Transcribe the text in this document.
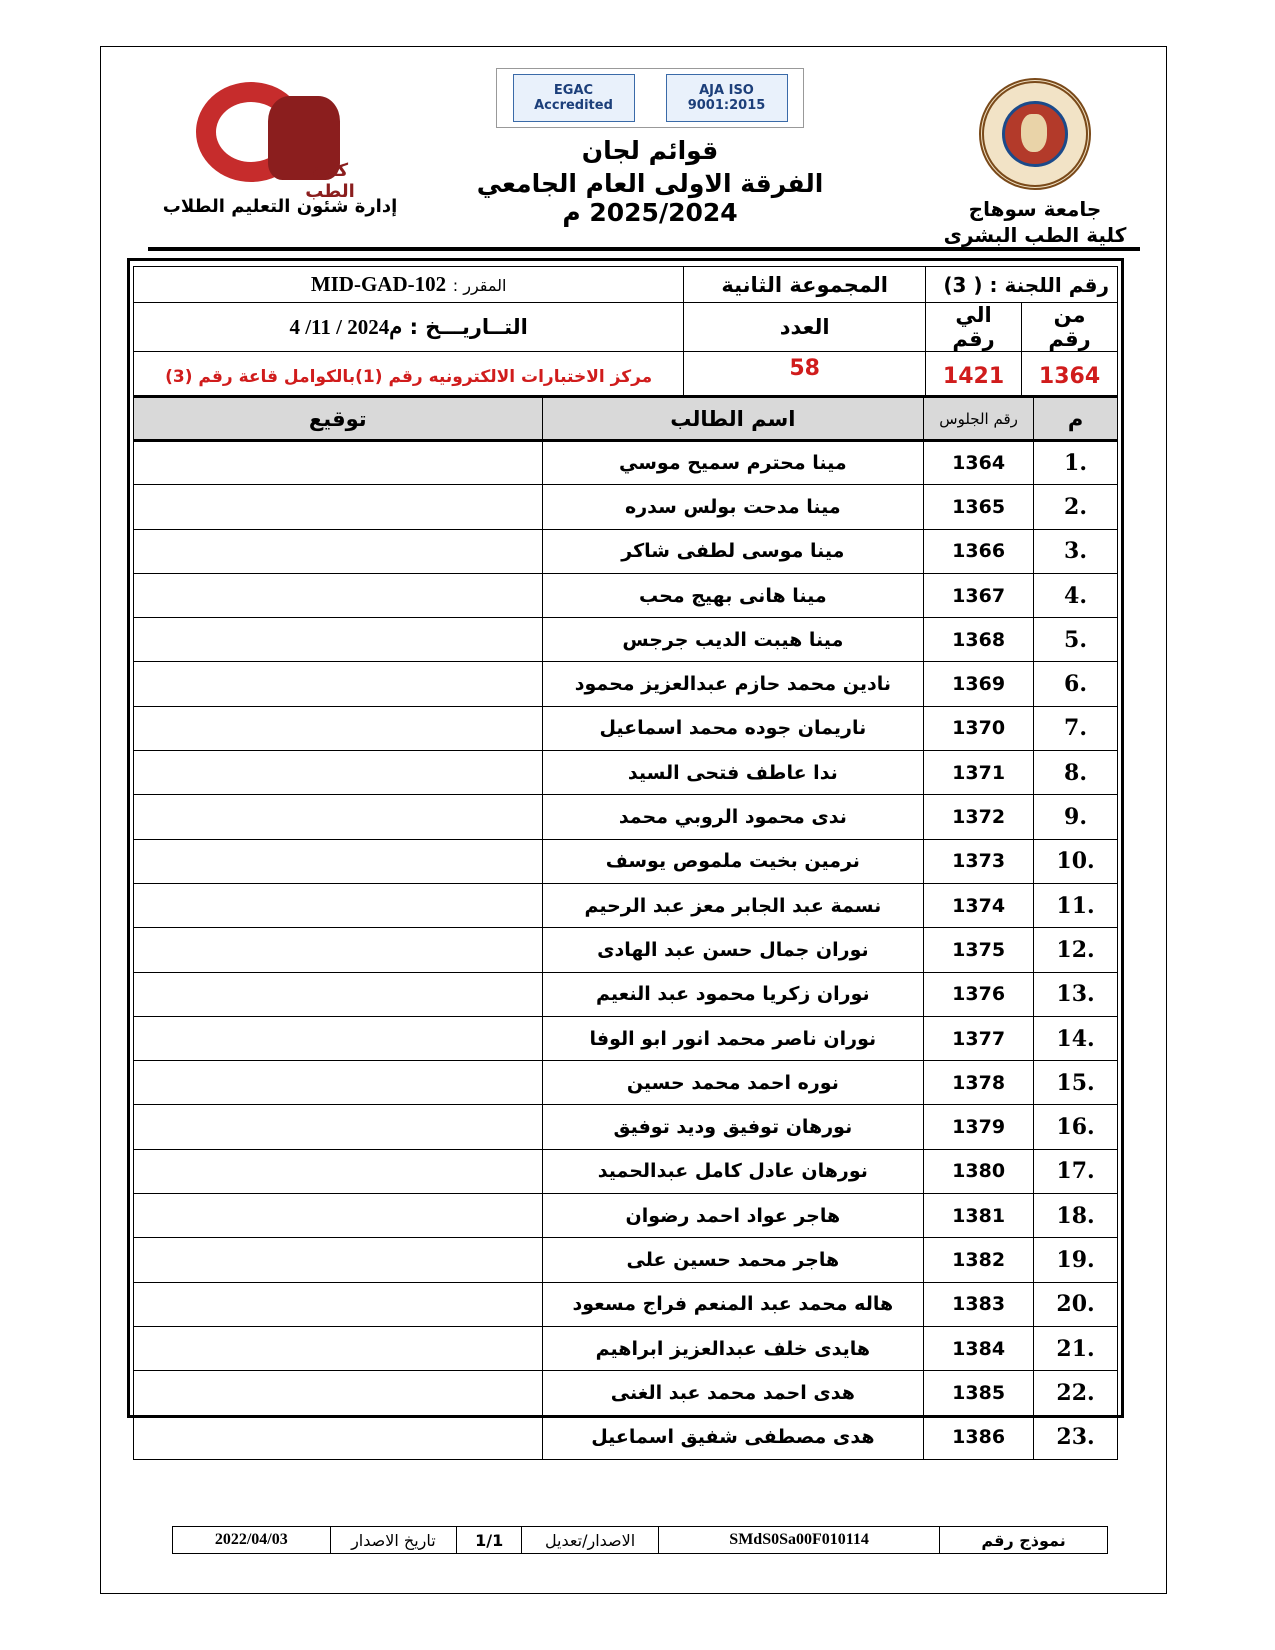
جامعة سوهاج
كلية الطب البشرى
EGAC Accredited
AJA ISO 9001:2015
قوائم لجان
الفرقة الاولى العام الجامعي 2025/2024 م
كلية الطب
إدارة شئون التعليم الطلاب
رقم اللجنة : ( 3)		المجموعة الثانية	المقرر : MID-GAD-102
من رقم	الي رقم	العدد	التــاريـــخ : 4 /11 / 2024م
1364	1421	58	مركز الاختبارات الالكترونيه رقم (1)بالكوامل قاعة رقم (3)
م	رقم الجلوس	اسم الطالب	توقيع
1.	1364	مينا محترم سميح موسي	
2.	1365	مينا مدحت بولس سدره	
3.	1366	مينا موسى لطفى شاكر	
4.	1367	مينا هانى بهيج محب	
5.	1368	مينا هيبت الديب جرجس	
6.	1369	نادين محمد حازم عبدالعزيز محمود	
7.	1370	ناريمان جوده محمد اسماعيل	
8.	1371	ندا عاطف فتحى السيد	
9.	1372	ندى محمود الروبي محمد	
10.	1373	نرمين بخيت ملموص يوسف	
11.	1374	نسمة عبد الجابر معز عبد الرحيم	
12.	1375	نوران جمال حسن عبد الهادى	
13.	1376	نوران زكريا محمود عبد النعيم	
14.	1377	نوران ناصر محمد انور ابو الوفا	
15.	1378	نوره احمد محمد حسين	
16.	1379	نورهان توفيق وديد توفيق	
17.	1380	نورهان عادل كامل عبدالحميد	
18.	1381	هاجر عواد احمد رضوان	
19.	1382	هاجر محمد حسين على	
20.	1383	هاله محمد عبد المنعم فراج مسعود	
21.	1384	هايدى خلف عبدالعزيز ابراهيم	
22.	1385	هدى احمد محمد عبد الغنى	
23.	1386	هدى مصطفى شفيق اسماعيل	
نموذج رقم	SMdS0Sa00F010114	الاصدار/تعديل	1/1	تاريخ الاصدار	2022/04/03
